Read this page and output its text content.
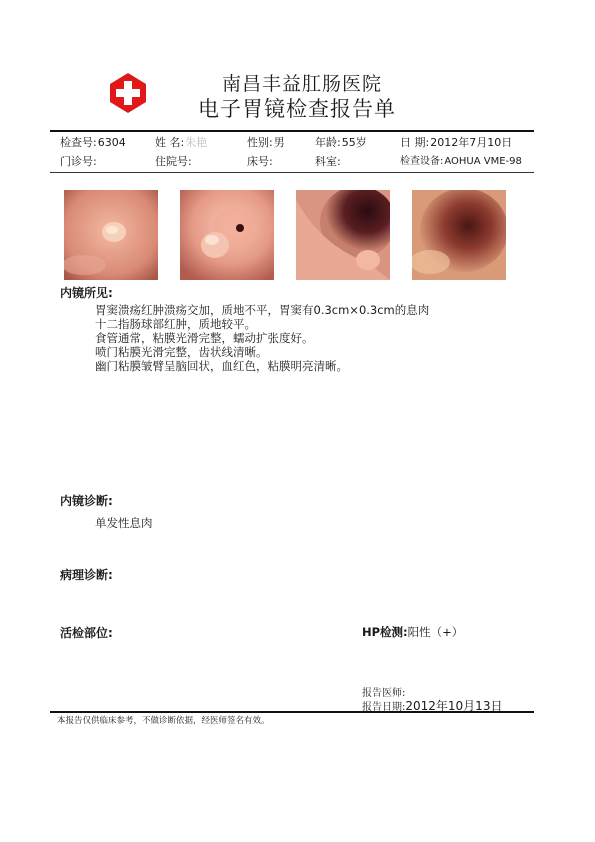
南昌丰益肛肠医院
电子胃镜检查报告单
检查号:6304	姓 名:朱艳	性别:男	年龄:55岁	日 期:2012年7月10日
门诊号:	住院号:	床号:	科室:	检查设备:AOHUA VME-98
内镜所见:
胃窦溃疡红肿溃疡交加，质地不平，胃窦有0.3cm×0.3cm的息肉
十二指肠球部红肿，质地较平。
食管通常，粘膜光滑完整，蠕动扩张度好。
喷门粘膜光滑完整，齿状线清晰。
幽门粘膜皱臂呈脑回状，血红色，粘膜明亮清晰。
内镜诊断:
单发性息肉
病理诊断:
活检部位:	HP检测:阳性（+）
报告医师:
报告日期:2012年10月13日
本报告仅供临床参考，不做诊断依据，经医师签名有效。
